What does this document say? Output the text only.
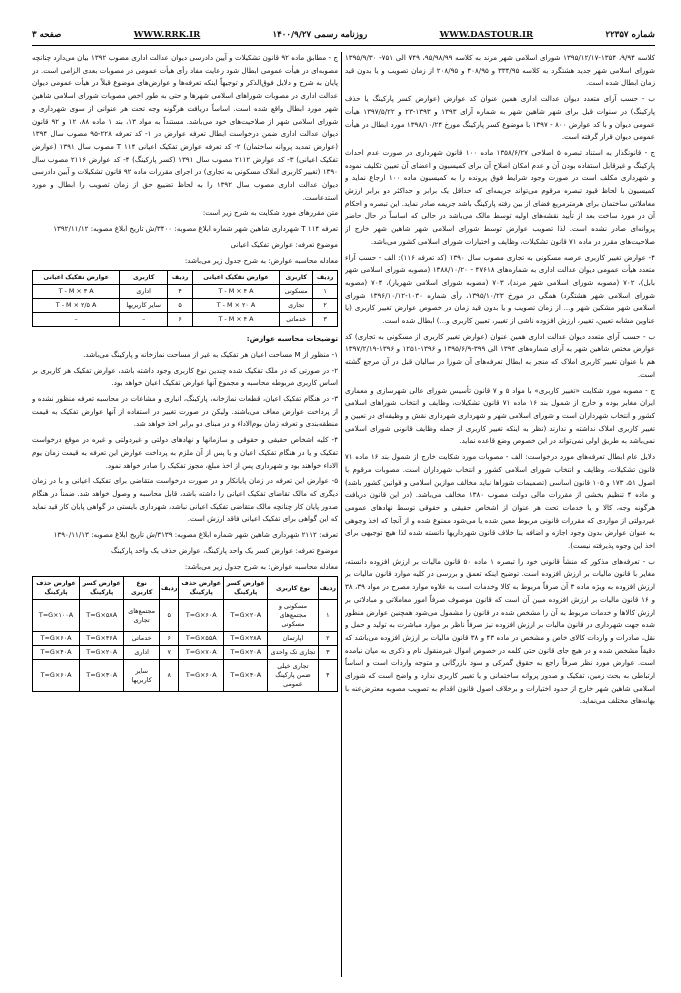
شماره ۲۲۳۵۷
WWW.DASTOUR.IR
روزنامه رسمی ۱۴۰۰/۹/۲۷
WWW.RRK.IR
صفحه ۳

کلاسه ۹/۹۴، ۱۳۵۴-۱۳۹۵/۱۲/۱۷ شورای اسلامی شهر مرند به کلاسه ۹۵/۹۸/۹۹، ۷۴۹ الی ۷۵۱- ۱۳۹۵/۹/۳۰ شورای اسلامی شهر جدید هشتگرد به کلاسه ۳۳۴/۹۵ و ۴۰۸/۹۵ و ۲۰۸/۹۵ از زمان تصویب و یا بدون قید زمان ابطال شده است.

ب - حسب آرای متعدد دیوان عدالت اداری همین عنوان کد عوارض (عوارض کسر پارکینگ یا حذف پارکینگ) در سنوات قبل برای شهر شاهین شهر به شماره آرای ۱۳۹۳ و ۱۳۹۳-۲۳ و ۱۳۹۷/۵/۲۲ هیأت عمومی دیوان و با کد عوارض ۸۰۰ - ۱۳۹۷ با موضوع کسر پارکینگ مورخ ۱۳۹۸/۱۰/۲۴ مورد ابطال در هیأت عمومی دیوان قرار گرفته است.

ج - قانونگذار به استناد تبصره ۵ اصلاحی ۱۳۵۸/۶/۲۷ ماده ۱۰۰ قانون شهرداری در صورت عدم احداث پارکینگ و غیرقابل استفاده بودن آن و عدم امکان اصلاح آن برای کمیسیون و اعضای آن تعیین تکلیف نموده و شهرداری مکلف است در صورت وجود شرایط فوق پرونده را به کمیسیون ماده ۱۰۰ ارجاع نماید و کمیسیون با لحاظ قیود تبصره مرقوم می‌تواند جریمه‌ای که حداقل یک برابر و حداکثر دو برابر ارزش معاملاتی ساختمان برای هرمترمربع فضای از بین رفته پارکینگ باشد جریمه صادر نماید. این تبصره و احکام آن در مورد ساخت بعد از تأیید نقشه‌های اولیه توسط مالک می‌باشد در حالی که اساساً در حال حاضر پروانه‌ای صادر نشده است. لذا تصویب عوارض توسط شورای اسلامی شهر شاهین شهر خارج از صلاحیت‌های مقرر در ماده ۷۱ قانون تشکیلات، وظایف و اختیارات شورای اسلامی کشور می‌باشد.

۴- عوارض تغییر کاربری عرصه مسکونی به تجاری مصوب سال ۱۳۹۰ (کد تعرفه ۱۱۶): الف - حسب آراء متعدد هیأت عمومی دیوان عدالت اداری به شماره‌های ۴۷۶۱۸ - ۱۳۸۸/۱۰/۲۰ (مصوبه شورای اسلامی شهر بابل)، ۷۰۲ (مصوبه شورای اسلامی شهر مرند)، ۷۰۳ (مصوبه شورای اسلامی شهریار)، ۷۰۴ (مصوبه شورای اسلامی شهر هشتگرد) همگی در مورخ ۱۳۹۵/۱۰/۲۳، رأی شماره ۱۰۳۰-۱۳۹۶/۱۰/۱۲ شورای اسلامی شهر مشکین شهر و... از زمان تصویب و یا بدون قید زمان در خصوص عوارض تغییر کاربری (یا عناوین مشابه تعیین، تغییر، ارزش افزوده ناشی از تغییر، تعیین کاربری و...) ابطال شده است.

ب - حسب آرای متعدد دیوان عدالت اداری همین عنوان (عوارض تغییر کاربری از مسکونی به تجاری) کد عوارض مختص شاهین شهر به آرای شماره‌های ۱۳۹۴ الی ۳۹۹-۱۳۹۵/۶/۹ و ۱۳۹۶-۱۲۵۱ و ۱۳۹۶-۱۳۹۷/۲/۱۹ هم با عنوان تغییر کاربری املاک که منجر به ابطال تعرفه‌های آن شورا در سالیان قبل در آن مرجع گشته است.

ج - مصوبه مورد شکایت «تغییر کاربری» با مواد ۵ و ۷ قانون تأسیس شورای عالی شهرسازی و معماری ایران مغایر بوده و خارج از شمول بند ۱۶ ماده ۷۱ قانون تشکیلات، وظایف و انتخاب شوراهای اسلامی کشور و انتخاب شهرداران است و شورای اسلامی شهر و شهرداری شهرداری نقش و وظیفه‌ای در تعیین و تغییر کاربری املاک نداشته و ندارند (نظر به اینکه تغییر کاربری از جمله وظایف قانونی شورای اسلامی نمی‌باشد به طریق اولی نمی‌تواند در این خصوص وضع قاعده نماید.

دلایل عام ابطال تعرفه‌های مورد درخواست: الف - مصوبات مورد شکایت خارج از شمول بند ۱۶ ماده ۷۱ قانون تشکیلات، وظایف و انتخاب شورای اسلامی کشور و انتخاب شهرداران است. مصوبات مرقوم با اصول ۵۱، ۱۷۳ و ۱۰۵ قانون اساسی (تصمیمات شوراها نباید مخالف موازین اسلامی و قوانین کشور باشد) و ماده ۴ تنظیم بخشی از مقررات مالی دولت مصوب ۱۳۸۰ مخالف می‌باشد. (در این قانون دریافت هرگونه وجه، کالا و یا خدمات تحت هر عنوان از اشخاص حقیقی و حقوقی توسط نهادهای عمومی غیردولتی از مواردی که مقررات قانونی مربوط معین شده یا می‌شود ممنوع شده و از آنجا که اخذ وجوهی به عنوان عوارض بدون وجود اجازه و اضافه بنا خلاف قانون شهرداریها دانسته شده لذا هیچ توجیهی برای اخذ این وجوه پذیرفته نیست).

ب - تعرفه‌های مذکور که منشأ قانونی خود را تبصره ۱ ماده ۵۰ قانون مالیات بر ارزش افزوده دانسته، مغایر با قانون مالیات بر ارزش افزوده است. توضیح اینکه تعمق و بررسی در کلیه موارد قانون مالیات بر ارزش افزوده به ویژه ماده ۳ آن صرفاً مربوط به کالا وخدمات است به علاوه موارد مصرح در مواد ۳۹، ۳۸ و ۱۶ قانون مالیات بر ارزش افزوده مبین آن است که قانون موصوف صرفاً امور معاملاتی و مبادلاتی بر ارزش کالاها و خدمات مربوط به آن را مشخص شده در قانون را مشمول می‌شود همچنین عوارض منظور شده جهت شهرداری در قانون مالیات بر ارزش افزوده نیز صرفاً ناظر بر موارد مباشرت به تولید و حمل و نقل، صادرات و واردات کالای خاص و مشخص در ماده ۴۳ و ۳۸ قانون مالیات بر ارزش افزوده می‌باشد که دقیقاً مشخص شده و در هیچ جای قانون حتی کلمه در خصوص اموال غیرمنقول نام و ذکری به میان نیامده است. عوارض مورد نظر صرفاً راجع به حقوق گمرکی و سود بازرگانی و متوجه واردات است و اساساً ارتباطی به بحث زمین، تفکیک و صدور پروانه ساختمانی و یا تغییر کاربری ندارد و واضح است که شورای اسلامی شاهین شهر خارج از حدود اختیارات و برخلاف اصول قانون اقدام به تصویب مصوبه معترض‌عنه با بهانه‌های مختلف می‌نماید.

ج - مطابق ماده ۹۲ قانون تشکیلات و آیین دادرسی دیوان عدالت اداری مصوب ۱۳۹۲ بیان می‌دارد چنانچه مصوبه‌ای در هیأت عمومی ابطال شود رعایت مفاد رأی هیأت عمومی در مصوبات بعدی الزامی است. در پایان به شرح و دلایل فوق‌الذکر و توجیهاً اینکه تعرفه‌ها و عوارض‌های موضوع قبلاً در هیأت عمومی دیوان عدالت اداری در مصوبات شوراهای اسلامی شهرها و حتی به طور اخص مصوبات شورای اسلامی شاهین شهر مورد ابطال واقع شده است. اساساً دریافت هرگونه وجه تحت هر عنوانی از سوی شهرداری و شورای اسلامی شهر از صلاحیت‌های خود می‌باشد. مستنداً به مواد ۱۳، بند ۱ ماده ۸۸، ۱۲ و ۹۲ قانون دیوان عدالت اداری ضمن درخواست ابطال تعرفه عوارض در ۱- کد تعرفه ۲۲۸-۹۵ مصوب سال ۱۳۹۴ (عوارض تمدید پروانه ساختمان) ۲- کد تعرفه عوارض تفکیک اعیانی ۱۱۴ T مصوب سال ۱۳۹۱ (عوارض تفکیک اعیانی) ۳- کد عوارض ۲۱۱۲ مصوب سال ۱۳۹۱ (کسر پارکینگ) ۴- کد عوارض ۲۱۱۶ مصوب سال ۱۳۹۰ (تغییر کاربری املاک مسکونی به تجاری) در اجرای مقررات ماده ۹۲ قانون تشکیلات و آیین دادرسی دیوان عدالت اداری مصوب سال ۱۳۹۲ را به لحاظ تضییع حق از زمان تصویب را ابطال و مورد استدعاست.

متن مقررهای مورد شکایت به شرح زیر است:

تعرفه ۱۱۴ T شهرداری شاهین شهر شماره ابلاغ مصوبه: ۳۴۰۰/ش تاریخ ابلاغ مصوبه: ۱۳۹۲/۱۱/۱۲

موضوع تعرفه: عوارض تفکیک اعیانی

معادله محاسبه عوارض: به شرح جدول زیر می‌باشد:

ردیف	کاربری	عوارض تفکیک اعیانی	ردیف	کاربری	عوارض تفکیک اعیانی
۱	مسکونی	T ‌- M × ۴ A	۴	اداری	T ‌- M × ۳ A
۲	تجاری	T ‌- M × ۲۰ A	۵	سایر کاربریها	T ‌- M × ۲/۵ A
۳	خدماتی	T ‌- M × ۴ A	۶	–	–

توضیحات محاسبه عوارض:

۱- منظور از M مساحت اعیان هر تفکیک به غیر از مساحت نمازخانه و پارکینگ می‌باشد.

۲- در صورتی که در ملک تفکیک شده چندین نوع کاربری وجود داشته باشد، عوارض تفکیک هر کاربری بر اساس کاربری مربوطه محاسبه و مجموع آنها عوارض تفکیک اعیان خواهد بود.

۳- در هنگام تفکیک اعیان، قطعات نمازخانه، پارکینگ، انباری و مشاعات در محاسبه تعرفه منظور نشده و از پرداخت عوارض معاف می‌باشند. ولیکن در صورت تغییر در استفاده از آنها عوارض تفکیک به قیمت منطقه‌بندی و تعرفه زمان بوم‌الاداء و در مبنای دو برابر اخذ خواهد شد.

۴- کلیه اشخاص حقیقی و حقوقی و سازمانها و نهادهای دولتی و غیردولتی و غیره در موقع درخواست تفکیک و یا در هنگام تفکیک اعیان و یا پس از آن ملزم به پرداخت عوارض این تعرفه به قیمت زمان یوم الاداء خواهند بود و شهرداری پس از اخذ مبلغ، مجوز تفکیک را صادر خواهد نمود.

۵- عوارض این تعرفه در زمان پایانکار و در صورت درخواست متقاضی برای تفکیک اعیانی و یا در زمان دیگری که مالک تقاضای تفکیک اعیانی را داشته باشد، قابل محاسبه و وصول خواهد شد. ضمناً در هنگام صدور پایان کار چنانچه مالک متقاضی تفکیک اعیانی نباشد، شهرداری بایستی در گواهی پایان کار قید نماید که این گواهی برای تفکیک اعیانی فاقد ارزش است.

تعرفه: ۲۱۱۲ شهرداری شاهین شهر شماره ابلاغ مصوبه: ۳۱۳۹/ش تاریخ ابلاغ مصوبه: ۱۳۹۰/۱۱/۱۳

موضوع تعرفه: عوارض کسر یک واحد پارکینگ، عوارض حذف یک واحد پارکینگ

معادله محاسبه عوارض: به شرح جدول زیر می‌باشد:

ردیف	نوع کاربری	عوارض کسر پارکینگ	عوارض حذف پارکینگ	ردیف	نوع کاربری	عوارض کسر پارکینگ	عوارض حذف پارکینگ
۱	مسکونی و مجتمع‌های مسکونی	T=G×۲۰A	T=G×۶۰A	۵	مجتمع‌های تجاری	T=G×۵۸A	T=G×۱۰۰A
۲	اپارتمان	T=G×۲۸A	T=G×۵۵A	۶	خدماتی	T=G×۳۶A	T=G×۶۰A
۳	تجاری تک واحدی	T=G×۲۰A	T=G×۷۰A	۷	اداری	T=G×۲۰A	T=G×۴۰A
۴	تجاری خیلی ضمن پارکینگ عمومی	T=G×۴۰A	T=G×۶۰A	۸	سایر کاربریها	T=G×۳۰A	T=G×۶۰A
